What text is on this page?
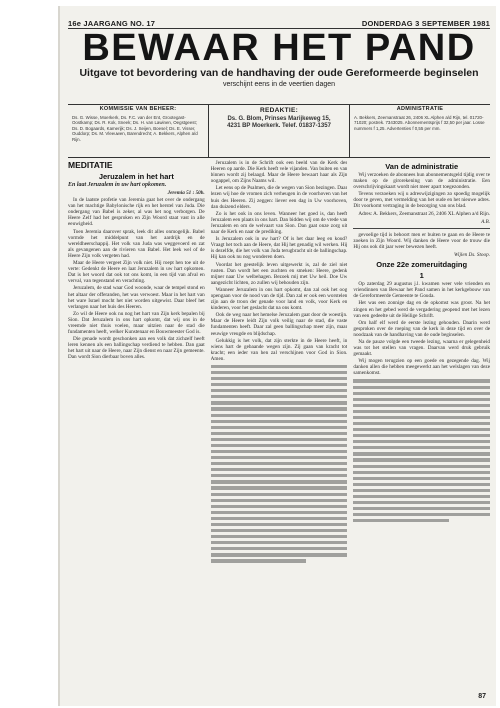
16e JAARGANG NO. 17	DONDERDAG 3 SEPTEMBER 1981
BEWAAR HET PAND
Uitgave tot bevordering van de handhaving der oude Gereformeerde beginselen
verschijnt eens in de veertien dagen
KOMMISSIE VAN BEHEER:
Ds. G. Wisse, Moerkerk, Ds. F.C. van der Ent, Grootegast-Oostkamp; Ds. R. Kok, Sneek; Ds. H. van Lawinen, Oegstgeest; Ds. D. Bogaards, Kamerijk; Ds. J. Seijen, Boesel; Ds. E. Visser, Ouddorp; Ds. M. Vleeuwen, Barendrecht; A. Bekkers, Alphen a/d Rijn.
REDAKTIE:
Ds. G. Blom, Prinses Marijkeweg 15,
4231 BP Moerkerk. Telef. 01837-1357
ADMINISTRATIE
A. Bekkers, Zeemanstraat 26, 2406 XL Alphen a/d Rijn, tel. 01720-71020; postrek. 7343025. Abonnementsprijs f 32,50 per jaar. Losse nummers f 1,25. Advertenties f 0,55 per mm.
MEDITATIE
Jeruzalem in het hart

En laat Jeruzalem in uw hart opkomen.

Jeremia 51 : 50b.

In de laatste profetie van Jeremia gaat het over de ondergang van het machtige Babylonische rijk en het herstel van Juda. Die ondergang van Babel is zeker, al was het nog verborgen. De Heere Zelf had het gesproken en Zijn Woord staat vast in alle eeuwigheid.

Toen Jeremia daarover sprak, leek dit alles onmogelijk. Babel vormde het middelpunt van het aardrijk en de wereldheerschappij. Het volk van Juda was weggevoerd en zat als gevangenen aan de rivieren van Babel. Het leek wel of de Heere Zijn volk vergeten had.

Maar de Heere vergeet Zijn volk niet. Hij roept hen toe uit de verte: Gedenkt de Heere en laat Jeruzalem in uw hart opkomen. Dat is het woord dat ook tot ons komt, in een tijd van afval en verval, van tegenstand en verachting.

Jeruzalem, de stad waar God woonde, waar de tempel stond en het altaar der offeranden, het was verwoest. Maar in het hart van het ware Israel mocht het niet worden uitgewist. Daar bleef het verlangen naar het huis des Heeren.

Zo wil de Heere ook nu nog het hart van Zijn kerk bepalen bij Sion. Dat Jeruzalem in ons hart opkomt, dat wij ons in de vreemde niet thuis voelen, maar uitzien naar de stad die fundamenten heeft, welker Kunstenaar en Bouwmeester God is.

Die genade wordt geschonken aan een volk dat zichzelf heeft leren kennen als een ballingschap verdiend te hebben. Dan gaat het hart uit naar de Heere, naar Zijn dienst en naar Zijn gemeente. Dan wordt Sion dierbaar boven alles.

Jeruzalem is in de Schrift ook een beeld van de Kerk des Heeren op aarde. Die Kerk heeft vele vijanden. Van buiten en van binnen wordt zij belaagd. Maar de Heere bewaart haar als Zijn oogappel, om Zijns Naams wil.

Let eens op de Psalmen, die de wegen van Sion bezingen. Daar lezen wij hoe de vromen zich verheugen in de voorhoven van het huis des Heeren. Zij zeggen: liever een dag in Uw voorhoven, dan duizend elders.

Zo is het ook in ons leven. Wanneer het goed is, dan heeft Jeruzalem een plaats in ons hart. Dan bidden wij om de vrede van Jeruzalem en om de welvaart van Sion. Dan gaat onze zorg uit naar de Kerk en naar de prediking.

Is Jeruzalem ook in uw hart? Of is het daar leeg en koud? Vraagt het toch aan de Heere, dat Hij het genadig wil werken. Hij is dezelfde, die het volk van Juda terugbracht uit de ballingschap. Hij kan ook nu nog wonderen doen.

Voordat het geestelijk leven uitgewerkt is, zal de ziel niet rusten. Dan wordt het een zuchten en smeken: Heere, gedenk mijner naar Uw welbehagen. Bezoek mij met Uw heil. Doe Uw aangezicht lichten, zo zullen wij behouden zijn.

Wanneer Jeruzalem in ons hart opkomt, dan zal ook het oog opengaan voor de nood van de tijd. Dan zal er ook een worstelen zijn aan de troon der genade voor land en volk, voor Kerk en kinderen, voor het geslacht dat na ons komt.

Ook de weg naar het hemelse Jeruzalem gaat door de woestijn. Maar de Heere leidt Zijn volk veilig naar de stad, die vaste fundamenten heeft. Daar zal geen ballingschap meer zijn, maar eeuwige vreugde en blijdschap.

Gelukkig is het volk, dat zijn sterkte in de Heere heeft, in wiens hart de gebaande wegen zijn. Zij gaan van kracht tot kracht; een ieder van hen zal verschijnen voor God in Sion. Amen.

Van de administratie

Wij verzoeken de abonnees hun abonnementsgeld tijdig over te maken op de girorekening van de administratie. Een overschrijvingskaart wordt niet meer apart toegezonden.

Tevens verzoeken wij u adreswijzigingen zo spoedig mogelijk door te geven, met vermelding van het oude en het nieuwe adres. Dit voorkomt vertraging in de bezorging van ons blad.

Adres: A. Bekkers, Zeemanstraat 26, 2406 XL Alphen a/d Rijn.

A.B.

gevoelige tijd is behoort men er buiten te gaan en de Heere te zoeken in Zijn Woord. Wij danken de Heere voor de trouw die Hij ons ook dit jaar weer bewezen heeft.

Wijlen Ds. Stoop.

Onze 22e zomeruitdaging
1

Op zaterdag 29 augustus j.l. kwamen weer vele vrienden en vriendinnen van Bewaar het Pand samen in het kerkgebouw van de Gereformeerde Gemeente te Gouda.

Het was een zonnige dag en de opkomst was groot. Na het zingen en het gebed werd de vergadering geopend met het lezen van een gedeelte uit de Heilige Schrift.

Om half elf werd de eerste lezing gehouden. Daarin werd gesproken over de roeping van de kerk in deze tijd en over de noodzaak van de handhaving van de oude beginselen.

Na de pauze volgde een tweede lezing, waarna er gelegenheid was tot het stellen van vragen. Daarvan werd druk gebruik gemaakt.

Wij mogen terugzien op een goede en gezegende dag. Wij danken allen die hebben meegewerkt aan het welslagen van deze samenkomst.

87
